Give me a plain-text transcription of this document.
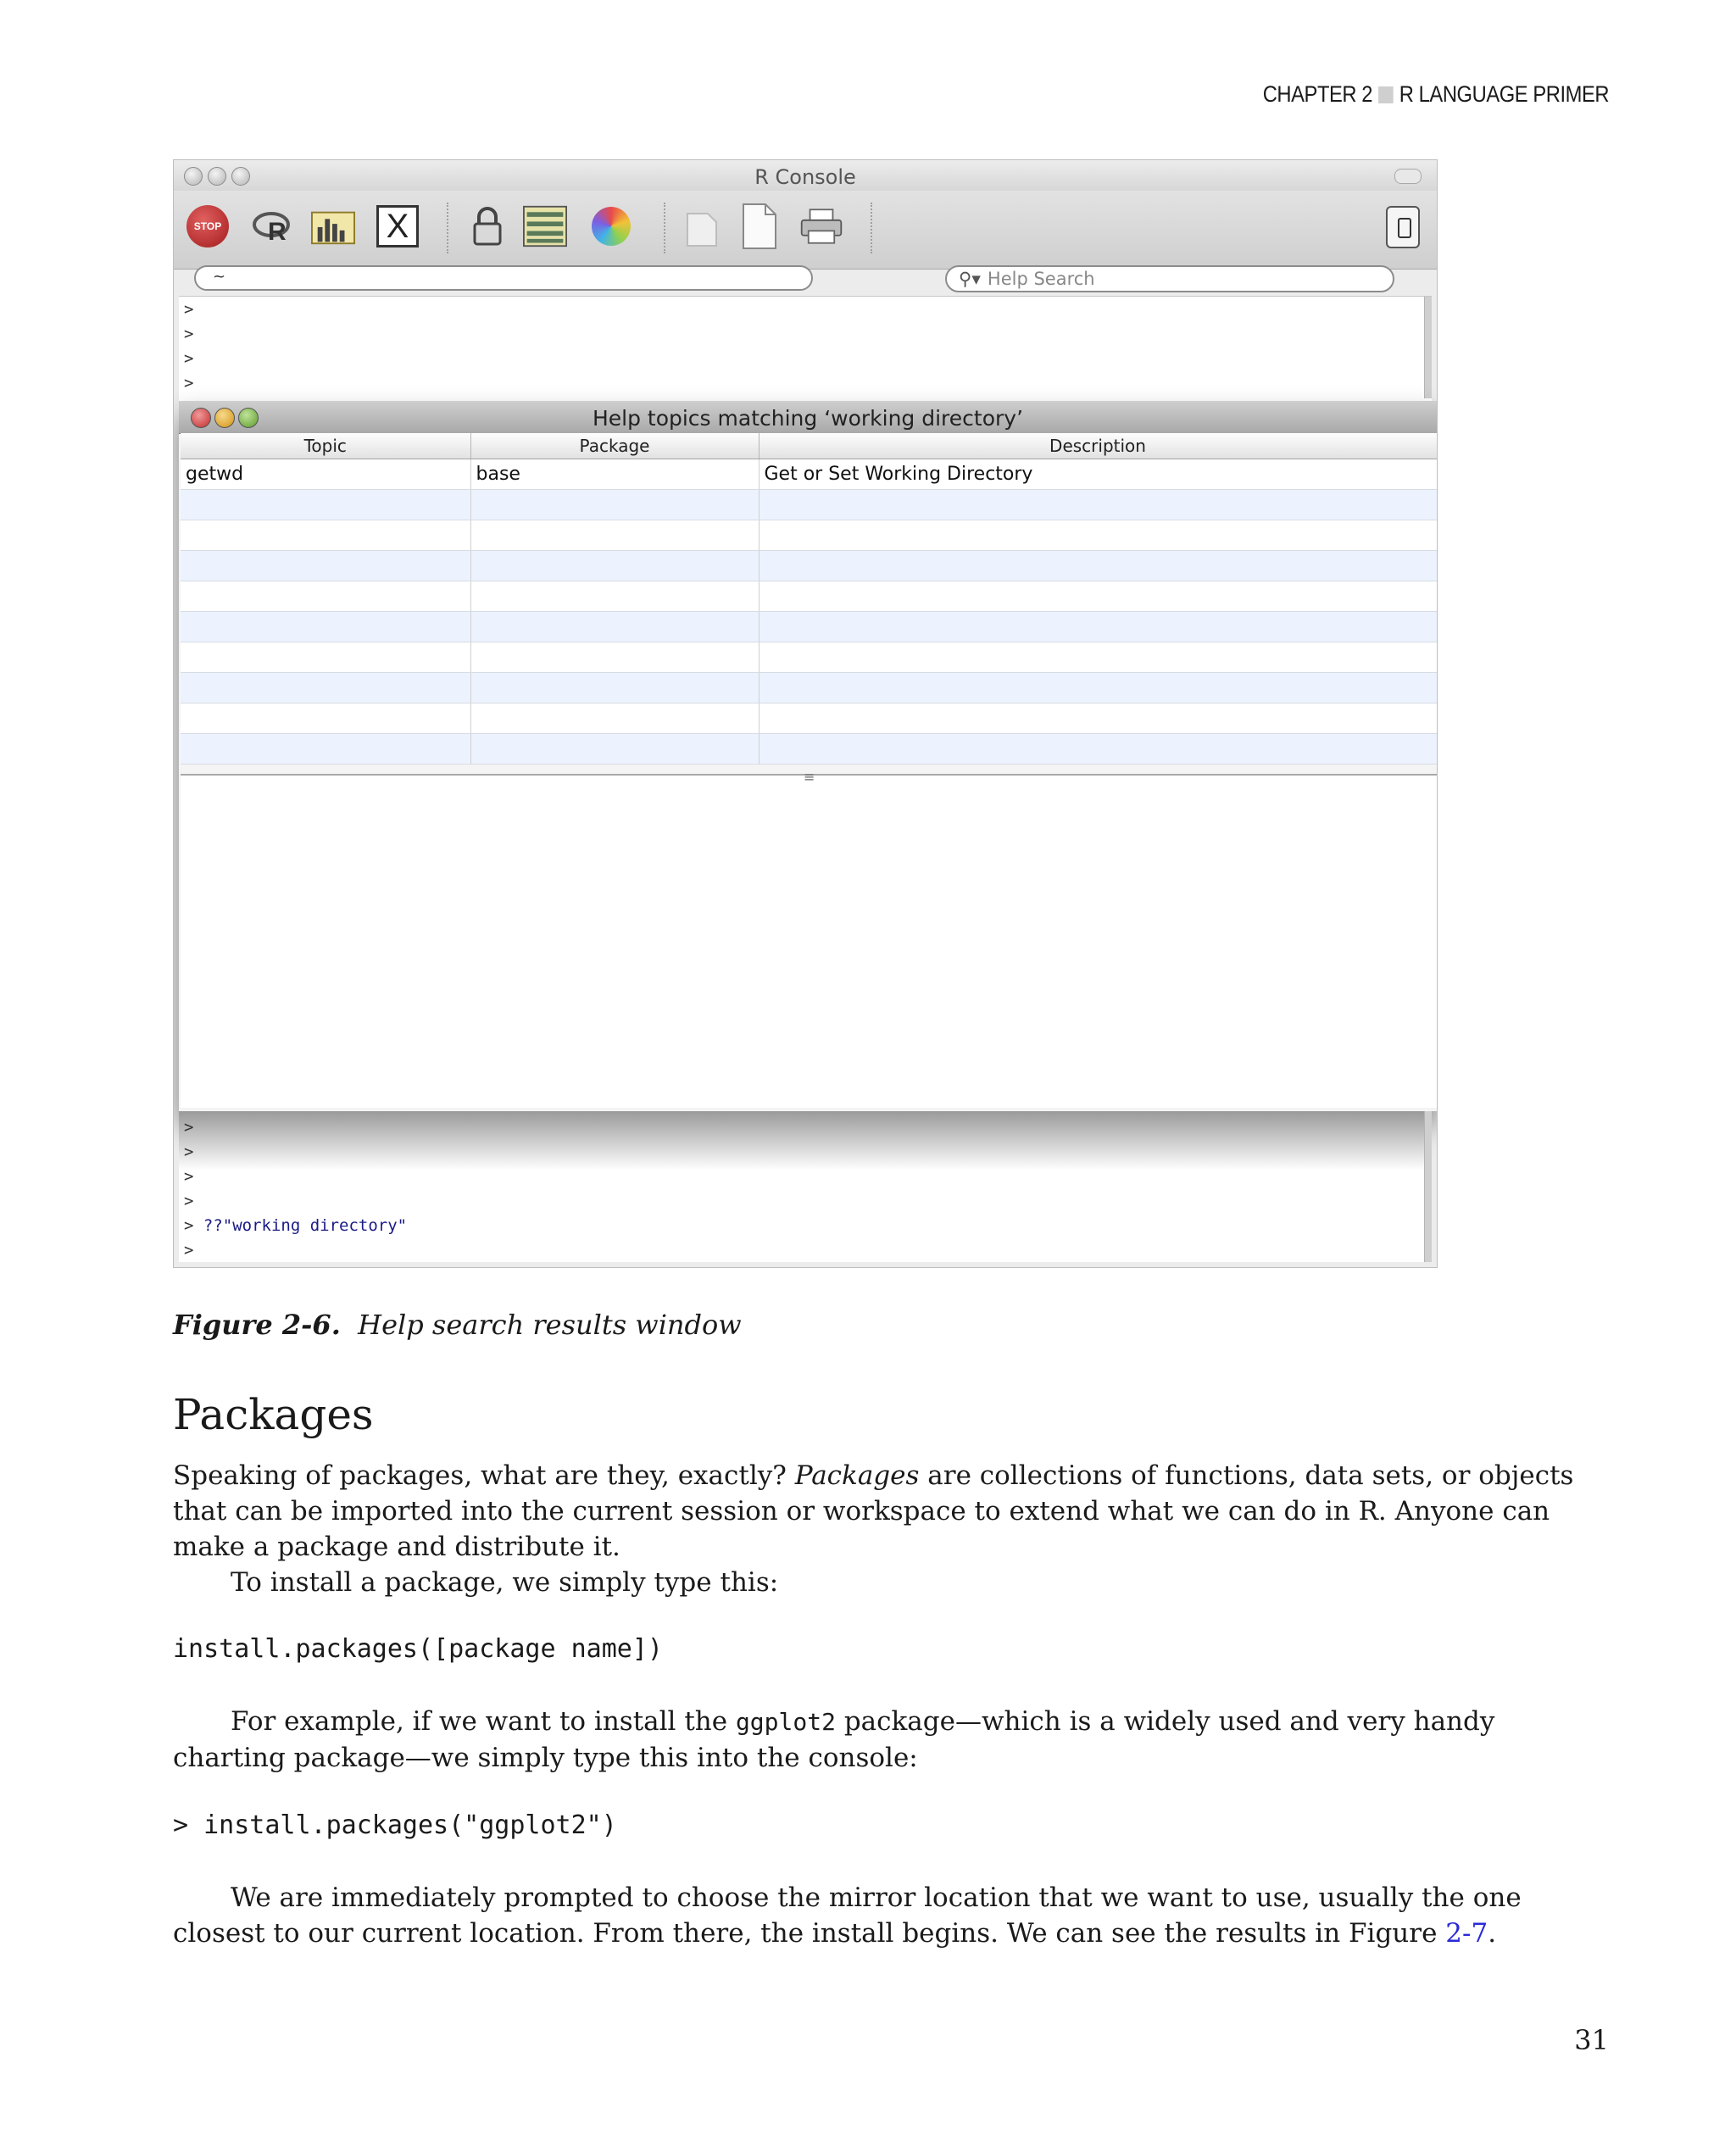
CHAPTER 2 R LANGUAGE PRIMER
R Console
STOP R	X
~	⚲▾ Help Search
>
>
>
>
Help topics matching ‘working directory’
Topic	Package	Description
getwd	base	Get or Set Working Directory

≡
>
>
>
>
> ??"working directory"
>
Figure 2-6. Help search results window
Packages
Speaking of packages, what are they, exactly? Packages are collections of functions, data sets, or objects that can be imported into the current session or workspace to extend what we can do in R. Anyone can make a package and distribute it.
To install a package, we simply type this:
install.packages([package name])
For example, if we want to install the ggplot2 package—which is a widely used and very handy charting package—we simply type this into the console:
> install.packages("ggplot2")
We are immediately prompted to choose the mirror location that we want to use, usually the one closest to our current location. From there, the install begins. We can see the results in Figure 2-7.
31
